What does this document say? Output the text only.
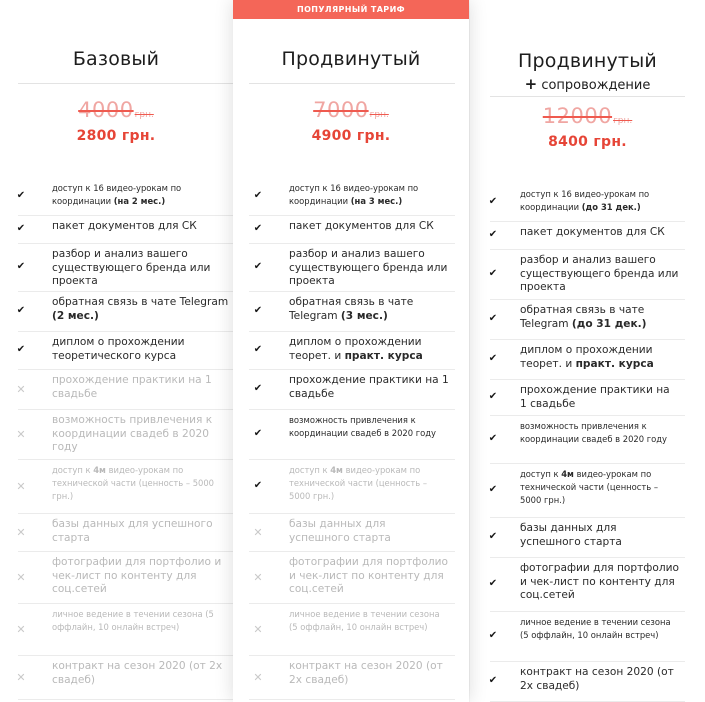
Базовый
4000грн.
2800 грн.
✔
доступ к 16 видео-урокам по координации (на 2 мес.)
✔	пакет документов для СК
✔
разбор и анализ вашего существующего бренда или проекта
✔
обратная связь в чате Telegram (2 мес.)
✔
диплом о прохождении теоретического курса
✕
прохождение практики на 1 свадьбе
✕
возможность привлечения к координации свадеб в 2020 году
✕
доступ к 4м видео-урокам по технической части (ценность – 5000 грн.)
✕
базы данных для успешного старта
✕
фотографии для портфолио и чек-лист по контенту для соц.сетей
✕
личное ведение в течении сезона (5 оффлайн, 10 онлайн встреч)
✕
контракт на сезон 2020 (от 2х свадеб)
ПОПУЛЯРНЫЙ ТАРИФ
Продвинутый
7000грн.
4900 грн.
✔
доступ к 16 видео-урокам по координации (на 3 мес.)
✔	пакет документов для СК
✔
разбор и анализ вашего существующего бренда или проекта
✔
обратная связь в чате Telegram (3 мес.)
✔
диплом о прохождении теорет. и практ. курса
✔
прохождение практики на 1 свадьбе
✔
возможность привлечения к координации свадеб в 2020 году
✔
доступ к 4м видео-урокам по технической части (ценность – 5000 грн.)
✕
базы данных для успешного старта
✕
фотографии для портфолио и чек-лист по контенту для соц.сетей
✕
личное ведение в течении сезона (5 оффлайн, 10 онлайн встреч)
✕
контракт на сезон 2020 (от 2х свадеб)
Продвинутый
+ сопровождение
12000грн.
8400 грн.
✔
доступ к 16 видео-урокам по координации (до 31 дек.)
✔ пакет документов для СК
✔
разбор и анализ вашего существующего бренда или проекта
✔
обратная связь в чате Telegram (до 31 дек.)
✔
диплом о прохождении теорет. и практ. курса
✔
прохождение практики на 1 свадьбе
✔
возможность привлечения к координации свадеб в 2020 году
✔
доступ к 4м видео-урокам по технической части (ценность – 5000 грн.)
✔
базы данных для успешного старта
✔
фотографии для портфолио и чек-лист по контенту для соц.сетей
✔
личное ведение в течении сезона (5 оффлайн, 10 онлайн встреч)
✔
контракт на сезон 2020 (от 2х свадеб)
